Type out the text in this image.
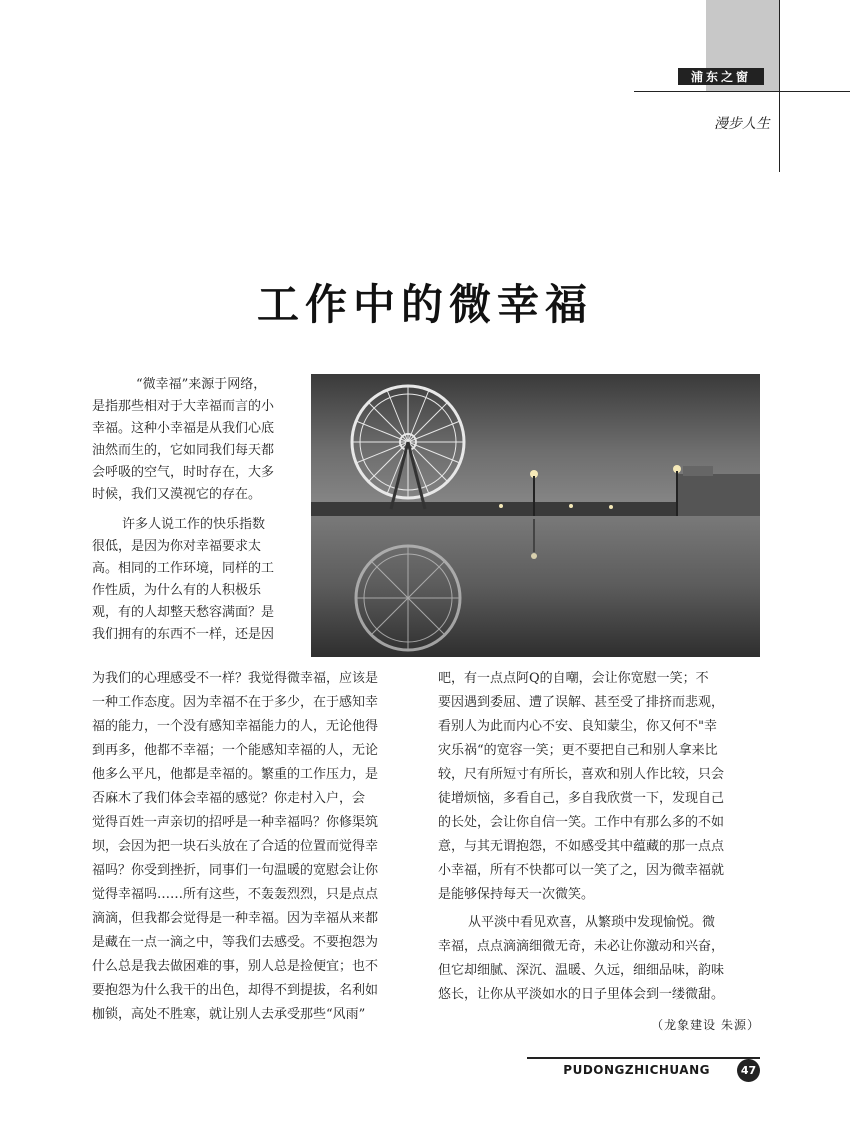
浦东之窗
漫步人生
工作中的微幸福

“微幸福”来源于网络，

是指那些相对于大幸福而言的小

幸福。这种小幸福是从我们心底

油然而生的，它如同我们每天都

会呼吸的空气，时时存在，大多

时候，我们又漠视它的存在。

许多人说工作的快乐指数

很低，是因为你对幸福要求太

高。相同的工作环境，同样的工

作性质，为什么有的人积极乐

观，有的人却整天愁容满面？是

我们拥有的东西不一样，还是因

为我们的心理感受不一样？我觉得微幸福，应该是

一种工作态度。因为幸福不在于多少，在于感知幸

福的能力，一个没有感知幸福能力的人，无论他得

到再多，他都不幸福；一个能感知幸福的人，无论

他多么平凡，他都是幸福的。繁重的工作压力，是

否麻木了我们体会幸福的感觉？你走村入户，会

觉得百姓一声亲切的招呼是一种幸福吗？你修渠筑

坝，会因为把一块石头放在了合适的位置而觉得幸

福吗？你受到挫折，同事们一句温暖的宽慰会让你

觉得幸福吗……所有这些，不轰轰烈烈，只是点点

滴滴，但我都会觉得是一种幸福。因为幸福从来都

是藏在一点一滴之中，等我们去感受。不要抱怨为

什么总是我去做困难的事，别人总是捡便宜；也不

要抱怨为什么我干的出色，却得不到提拔，名利如

枷锁，高处不胜寒，就让别人去承受那些“风雨”

吧，有一点点阿Q的自嘲，会让你宽慰一笑；不

要因遇到委屈、遭了误解、甚至受了排挤而悲观，

看别人为此而内心不安、良知蒙尘，你又何不"幸

灾乐祸“的宽容一笑；更不要把自己和别人拿来比

较，尺有所短寸有所长，喜欢和别人作比较，只会

徒增烦恼，多看自己，多自我欣赏一下，发现自己

的长处，会让你自信一笑。工作中有那么多的不如

意，与其无谓抱怨，不如感受其中蕴藏的那一点点

小幸福，所有不快都可以一笑了之，因为微幸福就

是能够保持每天一次微笑。

从平淡中看见欢喜，从繁琐中发现愉悦。微

幸福，点点滴滴细微无奇，未必让你激动和兴奋，

但它却细腻、深沉、温暖、久远，细细品味，韵味

悠长，让你从平淡如水的日子里体会到一缕微甜。

（龙象建设 朱源）
PUDONGZHICHUANG	47
